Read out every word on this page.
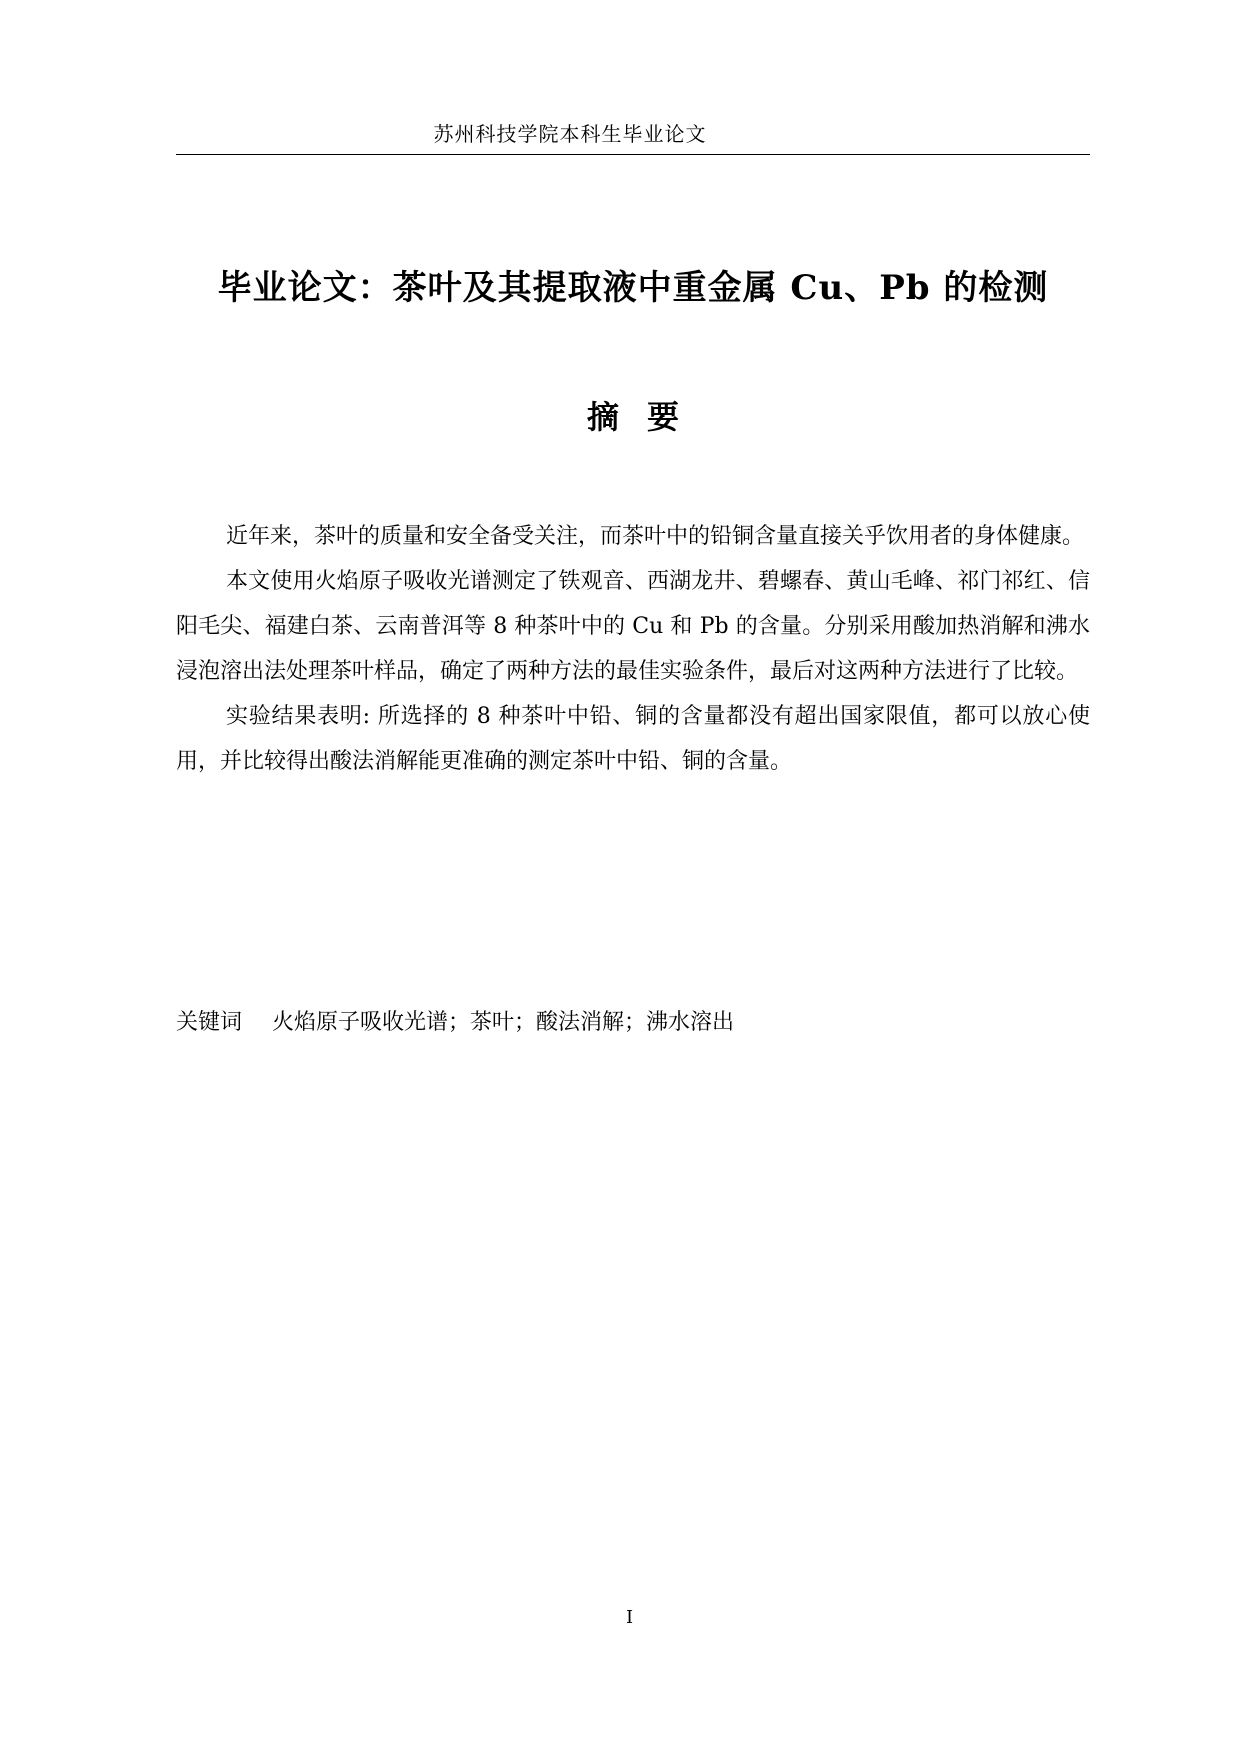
苏州科技学院本科生毕业论文
毕业论文：茶叶及其提取液中重金属 Cu、Pb 的检测
摘要

近年来，茶叶的质量和安全备受关注，而茶叶中的铅铜含量直接关乎饮用者的身体健康。

本文使用火焰原子吸收光谱测定了铁观音、西湖龙井、碧螺春、黄山毛峰、祁门祁红、信阳毛尖、福建白茶、云南普洱等 8 种茶叶中的 Cu 和 Pb 的含量。分别采用酸加热消解和沸水浸泡溶出法处理茶叶样品，确定了两种方法的最佳实验条件，最后对这两种方法进行了比较。

实验结果表明: 所选择的 8 种茶叶中铅、铜的含量都没有超出国家限值，都可以放心使用，并比较得出酸法消解能更准确的测定茶叶中铅、铜的含量。

关键词 火焰原子吸收光谱；茶叶；酸法消解；沸水溶出
I
